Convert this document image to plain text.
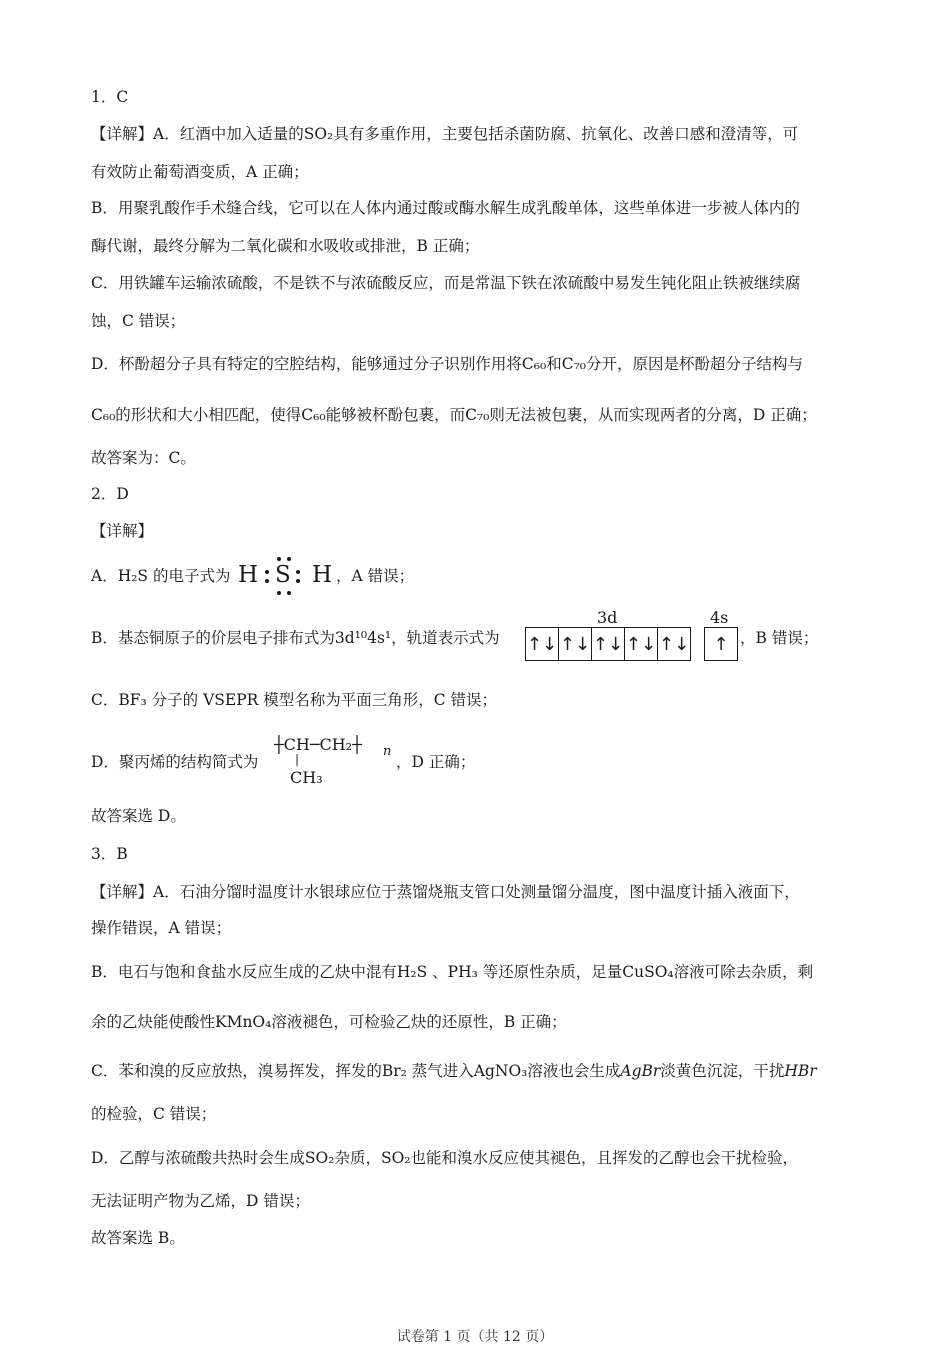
1．C
【详解】A．红酒中加入适量的SO₂具有多重作用，主要包括杀菌防腐、抗氧化、改善口感和澄清等，可
有效防止葡萄酒变质，A 正确；
B．用聚乳酸作手术缝合线，它可以在人体内通过酸或酶水解生成乳酸单体，这些单体进一步被人体内的
酶代谢，最终分解为二氧化碳和水吸收或排泄，B 正确；
C．用铁罐车运输浓硫酸，不是铁不与浓硫酸反应，而是常温下铁在浓硫酸中易发生钝化阻止铁被继续腐
蚀，C 错误；
D．杯酚超分子具有特定的空腔结构，能够通过分子识别作用将C₆₀和C₇₀分开，原因是杯酚超分子结构与
C₆₀的形状和大小相匹配，使得C₆₀能够被杯酚包裹，而C₇₀则无法被包裹，从而实现两者的分离，D 正确；
故答案为：C。
2．D
【详解】
A．H₂S 的电子式为 H S H ，A 错误；
B．基态铜原子的价层电子排布式为3d¹⁰4s¹，轨道表示式为
3d	4s
↑↓ ↑↓ ↑↓ ↑↓ ↑↓	↑ ，B 错误；
C．BF₃ 分子的 VSEPR 模型名称为平面三角形，C 错误；
D．聚丙烯的结构简式为
┼CH─CH₂┼ n
|
CH₃
，D 正确；
故答案选 D。
3．B
【详解】A．石油分馏时温度计水银球应位于蒸馏烧瓶支管口处测量馏分温度，图中温度计插入液面下，
操作错误，A 错误；
B．电石与饱和食盐水反应生成的乙炔中混有H₂S 、PH₃ 等还原性杂质，足量CuSO₄溶液可除去杂质，剩
余的乙炔能使酸性KMnO₄溶液褪色，可检验乙炔的还原性，B 正确；
C．苯和溴的反应放热，溴易挥发，挥发的Br₂ 蒸气进入AgNO₃溶液也会生成AgBr淡黄色沉淀，干扰HBr
的检验，C 错误；
D．乙醇与浓硫酸共热时会生成SO₂杂质，SO₂也能和溴水反应使其褪色，且挥发的乙醇也会干扰检验，
无法证明产物为乙烯，D 错误；
故答案选 B。
试卷第 1 页（共 12 页）
